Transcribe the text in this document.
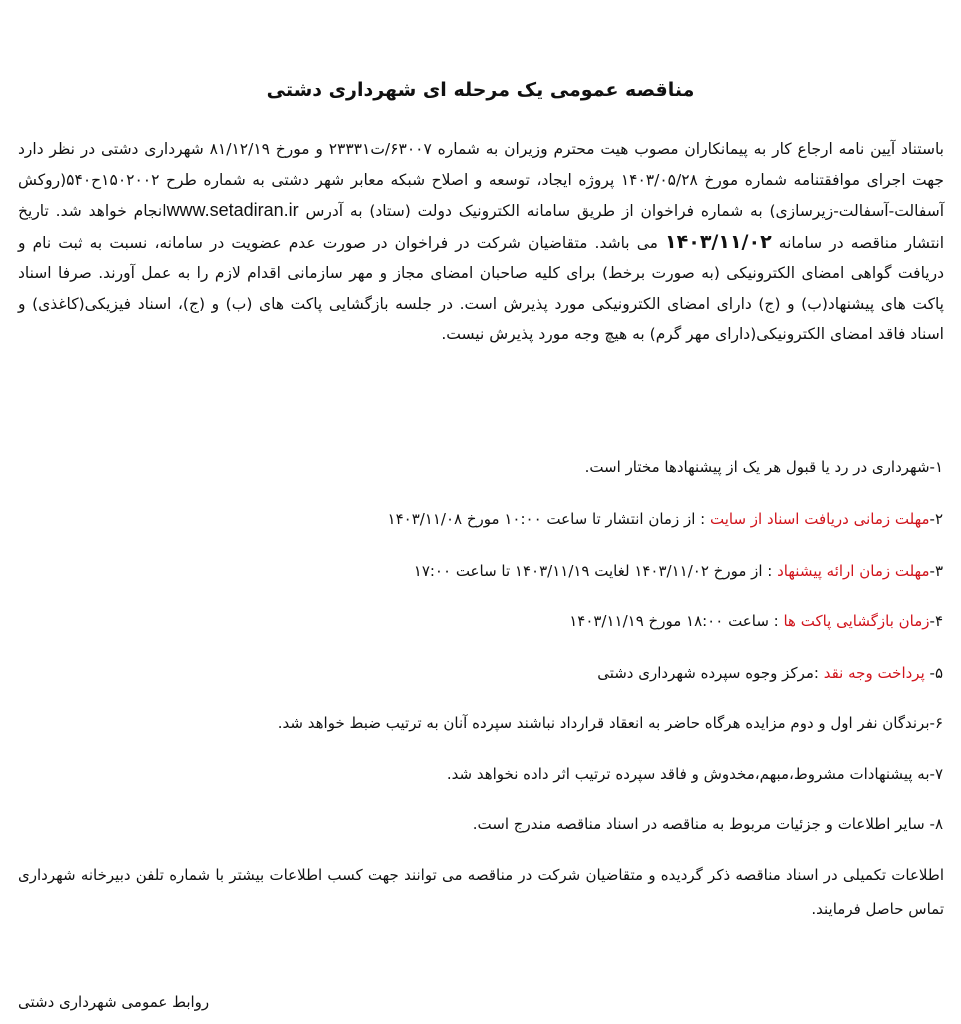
مناقصه عمومی یک مرحله ای شهرداری دشتی

باستناد آیین نامه ارجاع کار به پیمانکاران مصوب هیت محترم وزیران به شماره ۶۳۰۰۷/ت۲۳۳۳۱ و مورخ ۸۱/۱۲/۱۹ شهرداری دشتی در نظر دارد جهت اجرای موافقتنامه شماره مورخ ۱۴۰۳/۰۵/۲۸ پروژه ایجاد، توسعه و اصلاح شبکه معابر شهر دشتی به شماره طرح ۱۵۰۲۰۰۲ح۵۴۰(روکش آسفالت-آسفالت-زیرسازی) به شماره فراخوان از طریق سامانه الکترونیک دولت (ستاد) به آدرس www.setadiran.irانجام خواهد شد. تاریخ انتشار مناقصه در سامانه ۱۴۰۳/۱۱/۰۲ می باشد. متقاضیان شرکت در فراخوان در صورت عدم عضویت در سامانه، نسبت به ثبت نام و دریافت گواهی امضای الکترونیکی (به صورت برخط) برای کلیه صاحبان امضای مجاز و مهر سازمانی اقدام لازم را به عمل آورند. صرفا اسناد پاکت های پیشنهاد(ب) و (ج) دارای امضای الکترونیکی مورد پذیرش است. در جلسه بازگشایی پاکت های (ب) و (ج)، اسناد فیزیکی(کاغذی) و اسناد فاقد امضای الکترونیکی(دارای مهر گرم) به هیچ وجه مورد پذیرش نیست.

۱-شهرداری در رد یا قبول هر یک از پیشنهادها مختار است.

۲-مهلت زمانی دریافت اسناد از سایت : از زمان انتشار تا ساعت ۱۰:۰۰ مورخ ۱۴۰۳/۱۱/۰۸

۳-مهلت زمان ارائه پیشنهاد : از مورخ ۱۴۰۳/۱۱/۰۲ لغایت ۱۴۰۳/۱۱/۱۹ تا ساعت ۱۷:۰۰

۴-زمان بازگشایی پاکت ها : ساعت ۱۸:۰۰ مورخ ۱۴۰۳/۱۱/۱۹

۵- پرداخت وجه نقد :مرکز وجوه سپرده شهرداری دشتی

۶-برندگان نفر اول و دوم مزایده هرگاه حاضر به انعقاد قرارداد نباشند سپرده آنان به ترتیب ضبط خواهد شد.

۷-به پیشنهادات مشروط،مبهم،مخدوش و فاقد سپرده ترتیب اثر داده نخواهد شد.

۸- سایر اطلاعات و جزئیات مربوط به مناقصه در اسناد مناقصه مندرج است.

اطلاعات تکمیلی در اسناد مناقصه ذکر گردیده و متقاضیان شرکت در مناقصه می توانند جهت کسب اطلاعات بیشتر با شماره تلفن دبیرخانه شهرداری تماس حاصل فرمایند.

روابط عمومی شهرداری دشتی
